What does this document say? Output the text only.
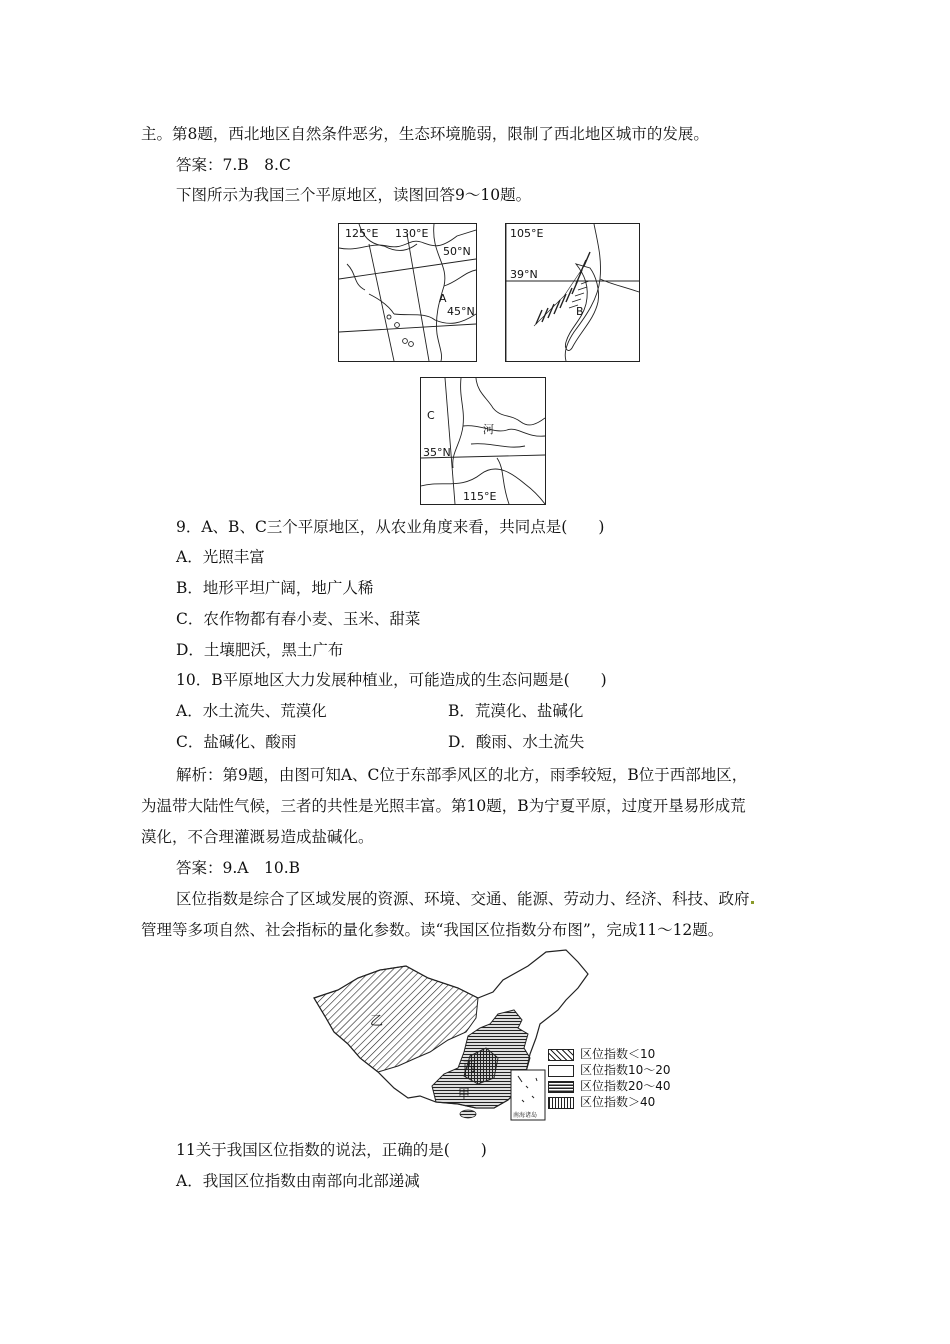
主。第8题，西北地区自然条件恶劣，生态环境脆弱，限制了西北地区城市的发展。
答案：7.B　8.C
下图所示为我国三个平原地区，读图回答9～10题。
125°E 130°E
50°N
A
45°N
105°E
39°N
B
C
河
35°N
115°E
9．A、B、C三个平原地区，从农业角度来看，共同点是(　　)
A．光照丰富
B．地形平坦广阔，地广人稀
C．农作物都有春小麦、玉米、甜菜
D．土壤肥沃，黑土广布
10．B平原地区大力发展种植业，可能造成的生态问题是(　　)
A．水土流失、荒漠化	B．荒漠化、盐碱化
C．盐碱化、酸雨	D．酸雨、水土流失
解析：第9题，由图可知A、C位于东部季风区的北方，雨季较短，B位于西部地区，
为温带大陆性气候，三者的共性是光照丰富。第10题，B为宁夏平原，过度开垦易形成荒
漠化，不合理灌溉易造成盐碱化。
答案：9.A　10.B
区位指数是综合了区域发展的资源、环境、交通、能源、劳动力、经济、科技、政府
管理等多项自然、社会指标的量化参数。读“我国区位指数分布图”，完成11～12题。
乙
丙
甲
南海诸岛
区位指数＜10
区位指数10～20
区位指数20～40
区位指数＞40
11关于我国区位指数的说法，正确的是(　　)
A．我国区位指数由南部向北部递减
